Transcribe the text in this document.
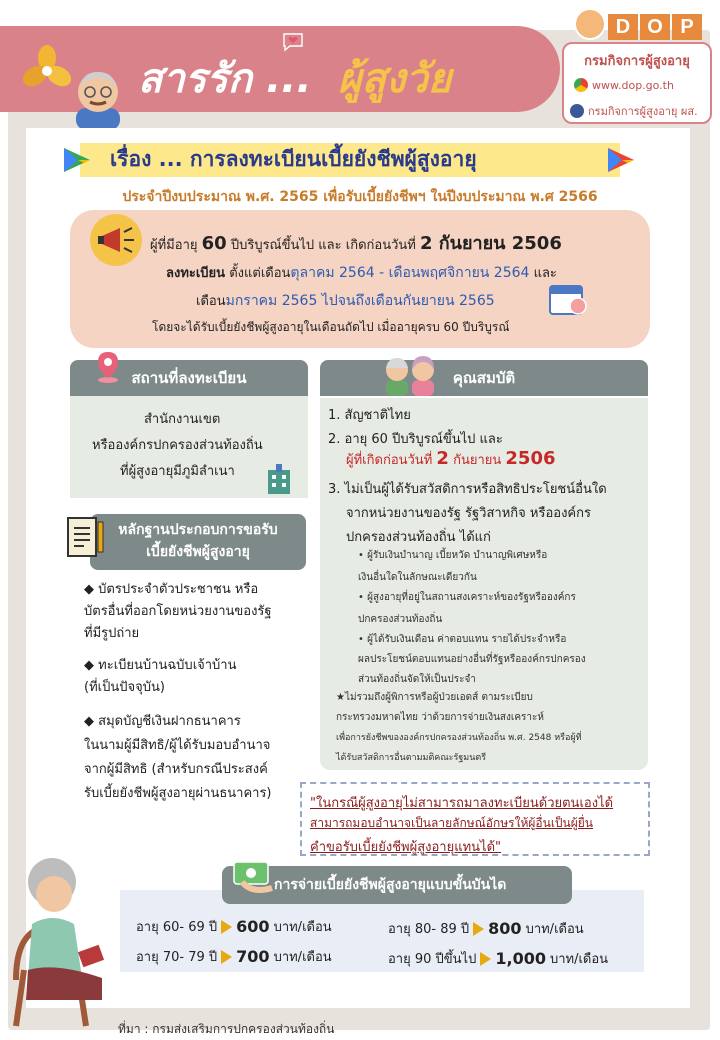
สารรัก ... ผู้สูงวัย
D O P
กรมกิจการผู้สูงอายุ
www.dop.go.th
กรมกิจการผู้สูงอายุ ผส.
เรื่อง ... การลงทะเบียนเบี้ยยังชีพผู้สูงอายุ
ประจำปีงบประมาณ พ.ศ. 2565 เพื่อรับเบี้ยยังชีพฯ ในปีงบประมาณ พ.ศ 2566
ผู้ที่มีอายุ 60 ปีบริบูรณ์ขึ้นไป และ เกิดก่อนวันที่ 2 กันยายน 2506
ลงทะเบียน ตั้งแต่เดือนตุลาคม 2564 - เดือนพฤศจิกายน 2564 และ
เดือนมกราคม 2565 ไปจนถึงเดือนกันยายน 2565
โดยจะได้รับเบี้ยยังชีพผู้สูงอายุในเดือนถัดไป เมื่ออายุครบ 60 ปีบริบูรณ์
สถานที่ลงทะเบียน
สำนักงานเขต
หรือองค์กรปกครองส่วนท้องถิ่น
ที่ผู้สูงอายุมีภูมิลำเนา
หลักฐานประกอบการขอรับ
เบี้ยยังชีพผู้สูงอายุ
◆ บัตรประจำตัวประชาชน หรือ
บัตรอื่นที่ออกโดยหน่วยงานของรัฐ
ที่มีรูปถ่าย
◆ ทะเบียนบ้านฉบับเจ้าบ้าน
(ที่เป็นปัจจุบัน)
◆ สมุดบัญชีเงินฝากธนาคาร
ในนามผู้มีสิทธิ/ผู้ได้รับมอบอำนาจ
จากผู้มีสิทธิ (สำหรับกรณีประสงค์
รับเบี้ยยังชีพผู้สูงอายุผ่านธนาคาร)
คุณสมบัติ
1. สัญชาติไทย
2. อายุ 60 ปีบริบูรณ์ขึ้นไป และ
ผู้ที่เกิดก่อนวันที่ 2 กันยายน 2506
3. ไม่เป็นผู้ได้รับสวัสดิการหรือสิทธิประโยชน์อื่นใด
จากหน่วยงานของรัฐ รัฐวิสาหกิจ หรือองค์กร
ปกครองส่วนท้องถิ่น ได้แก่
• ผู้รับเงินบำนาญ เบี้ยหวัด บำนาญพิเศษหรือ
เงินอื่นใดในลักษณะเดียวกัน
• ผู้สูงอายุที่อยู่ในสถานสงเคราะห์ของรัฐหรือองค์กร
ปกครองส่วนท้องถิ่น
• ผู้ได้รับเงินเดือน ค่าตอบแทน รายได้ประจำหรือ
ผลประโยชน์ตอบแทนอย่างอื่นที่รัฐหรือองค์กรปกครอง
ส่วนท้องถิ่นจัดให้เป็นประจำ
★ไม่รวมถึงผู้พิการหรือผู้ป่วยเอดส์ ตามระเบียบ
กระทรวงมหาดไทย ว่าด้วยการจ่ายเงินสงเคราะห์
เพื่อการยังชีพขององค์กรปกครองส่วนท้องถิ่น พ.ศ. 2548 หรือผู้ที่
ได้รับสวัสดิการอื่นตามมติคณะรัฐมนตรี
"ในกรณีผู้สูงอายุไม่สามารถมาลงทะเบียนด้วยตนเองได้
สามารถมอบอำนาจเป็นลายลักษณ์อักษรให้ผู้อื่นเป็นผู้ยื่น
คำขอรับเบี้ยยังชีพผู้สูงอายุแทนได้"
การจ่ายเบี้ยยังชีพผู้สูงอายุแบบขั้นบันได
อายุ 60- 69 ปี 600 บาท/เดือน
อายุ 70- 79 ปี 700 บาท/เดือน
อายุ 80- 89 ปี 800 บาท/เดือน
อายุ 90 ปีขึ้นไป 1,000 บาท/เดือน
ที่มา : กรมส่งเสริมการปกครองส่วนท้องถิ่น
